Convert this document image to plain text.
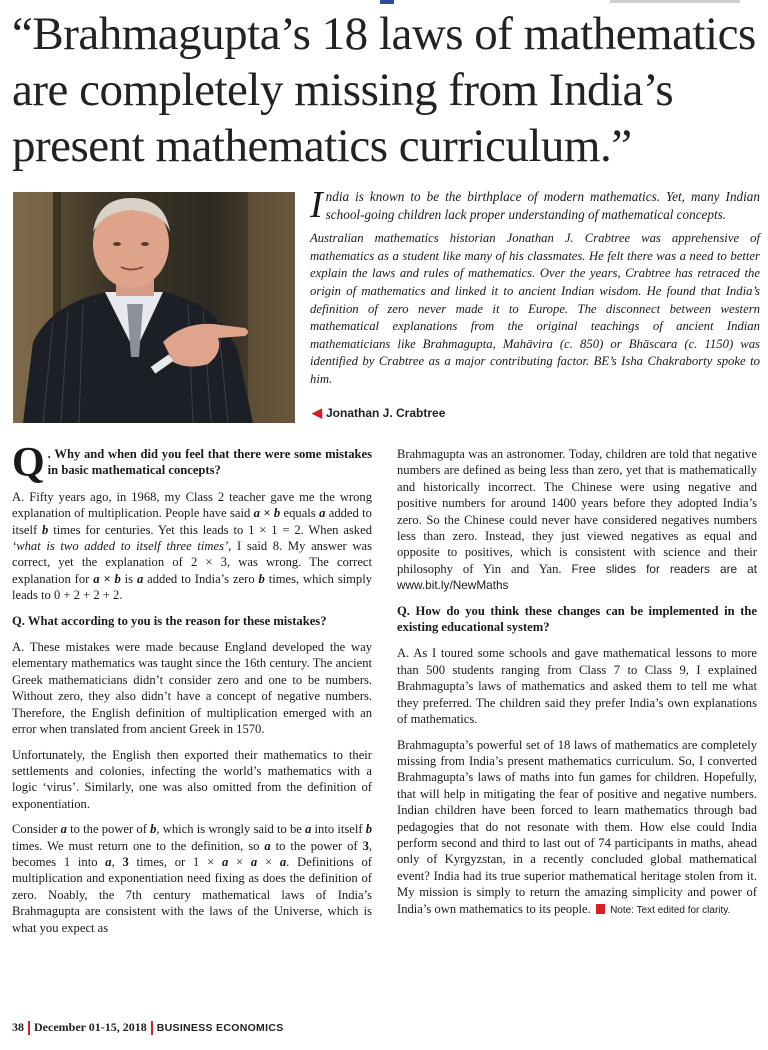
“Brahmagupta’s 18 laws of mathematics
are completely missing from India’s
present mathematics curriculum.”

India is known to be the birthplace of modern mathematics. Yet, many Indian school-going children lack proper understanding of mathematical concepts.

Australian mathematics historian Jonathan J. Crabtree was apprehensive of mathematics as a student like many of his classmates. He felt there was a need to better explain the laws and rules of mathematics. Over the years, Crabtree has retraced the origin of mathematics and linked it to ancient Indian wisdom. He found that India’s definition of zero never made it to Europe. The disconnect between western mathematical explanations from the original teachings of ancient Indian mathematicians like Brahmagupta, Mahāvira (c. 850) or Bhāscara (c. 1150) was identified by Crabtree as a major contributing factor. BE’s Isha Chakraborty spoke to him.

◀ Jonathan J. Crabtree

Q . Why and when did you feel that there were some mistakes in basic mathematical concepts?

A. Fifty years ago, in 1968, my Class 2 teacher gave me the wrong explanation of multiplication. People have said a × b equals a added to itself b times for centuries. Yet this leads to 1 × 1 = 2. When asked ‘what is two added to itself three times’, I said 8. My answer was correct, yet the explanation of 2 × 3, was wrong. The correct explanation for a × b is a added to India’s zero b times, which simply leads to 0 + 2 + 2 + 2.

Q. What according to you is the reason for these mistakes?

A. These mistakes were made because England developed the way elementary mathematics was taught since the 16th century. The ancient Greek mathematicians didn’t consider zero and one to be numbers. Without zero, they also didn’t have a concept of negative numbers. Therefore, the English definition of multiplication emerged with an error when translated from ancient Greek in 1570.

Unfortunately, the English then exported their mathematics to their settlements and colonies, infecting the world’s mathematics with a logic ‘virus’. Similarly, one was also omitted from the definition of exponentiation.

Consider a to the power of b, which is wrongly said to be a into itself b times. We must return one to the definition, so a to the power of 3, becomes 1 into a, 3 times, or 1 × a × a × a. Definitions of multiplication and exponentiation need fixing as does the definition of zero. Noably, the 7th century mathematical laws of India’s Brahmagupta are consistent with the laws of the Universe, which is what you expect as

Brahmagupta was an astronomer. Today, children are told that negative numbers are defined as being less than zero, yet that is mathematically and historically incorrect. The Chinese were using negative and positive numbers for around 1400 years before they adopted India’s zero. So the Chinese could never have considered negatives numbers less than zero. Instead, they just viewed negatives as equal and opposite to positives, which is consistent with science and their philosophy of Yin and Yan. Free slides for readers are at www.bit.ly/NewMaths

Q. How do you think these changes can be implemented in the existing educational system?

A. As I toured some schools and gave mathematical lessons to more than 500 students ranging from Class 7 to Class 9, I explained Brahmagupta’s laws of mathematics and asked them to tell me what they preferred. The children said they prefer India’s own explanations of mathematics.

Brahmagupta’s powerful set of 18 laws of mathematics are completely missing from India’s present mathematics curriculum. So, I converted Brahmagupta’s laws of maths into fun games for children. Hopefully, that will help in mitigating the fear of positive and negative numbers. Indian children have been forced to learn mathematics through bad pedagogies that do not resonate with them. How else could India perform second and third to last out of 74 participants in maths, ahead only of Kyrgyzstan, in a recently concluded global mathematical event? India had its true superior mathematical heritage stolen from it. My mission is simply to return the amazing simplicity and power of India’s own mathematics to its people. Note: Text edited for clarity.

38 December 01-15, 2018 BUSINESS ECONOMICS
